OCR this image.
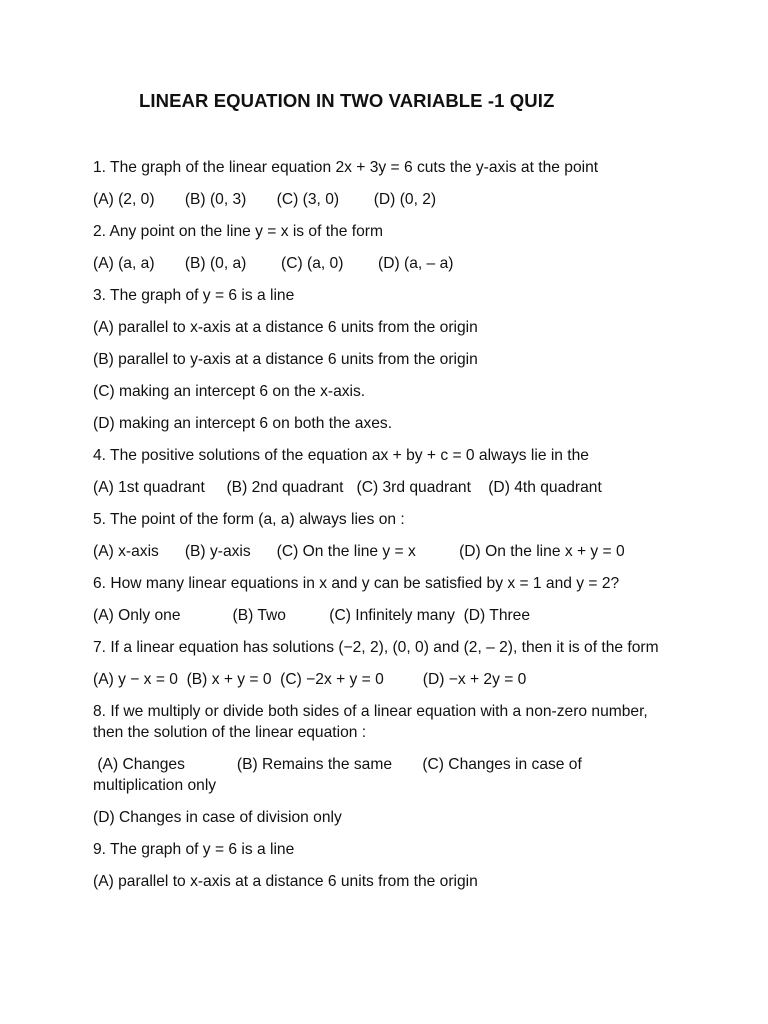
LINEAR EQUATION IN TWO VARIABLE -1 QUIZ
1. The graph of the linear equation 2x + 3y = 6 cuts the y-axis at the point
(A) (2, 0)       (B) (0, 3)       (C) (3, 0)        (D) (0, 2)
2. Any point on the line y = x is of the form
(A) (a, a)       (B) (0, a)        (C) (a, 0)        (D) (a, – a)
3. The graph of y = 6 is a line
(A) parallel to x-axis at a distance 6 units from the origin
(B) parallel to y-axis at a distance 6 units from the origin
(C) making an intercept 6 on the x-axis.
(D) making an intercept 6 on both the axes.
4. The positive solutions of the equation ax + by + c = 0 always lie in the
(A) 1st quadrant     (B) 2nd quadrant   (C) 3rd quadrant    (D) 4th quadrant
5. The point of the form (a, a) always lies on :
(A) x-axis      (B) y-axis      (C) On the line y = x          (D) On the line x + y = 0
6. How many linear equations in x and y can be satisfied by x = 1 and y = 2?
(A) Only one            (B) Two          (C) Infinitely many  (D) Three
7. If a linear equation has solutions (−2, 2), (0, 0) and (2, – 2), then it is of the form
(A) y − x = 0  (B) x + y = 0  (C) −2x + y = 0         (D) −x + 2y = 0
8. If we multiply or divide both sides of a linear equation with a non-zero number, then the solution of the linear equation :
(A) Changes            (B) Remains the same       (C) Changes in case of multiplication only
(D) Changes in case of division only
9. The graph of y = 6 is a line
(A) parallel to x-axis at a distance 6 units from the origin
